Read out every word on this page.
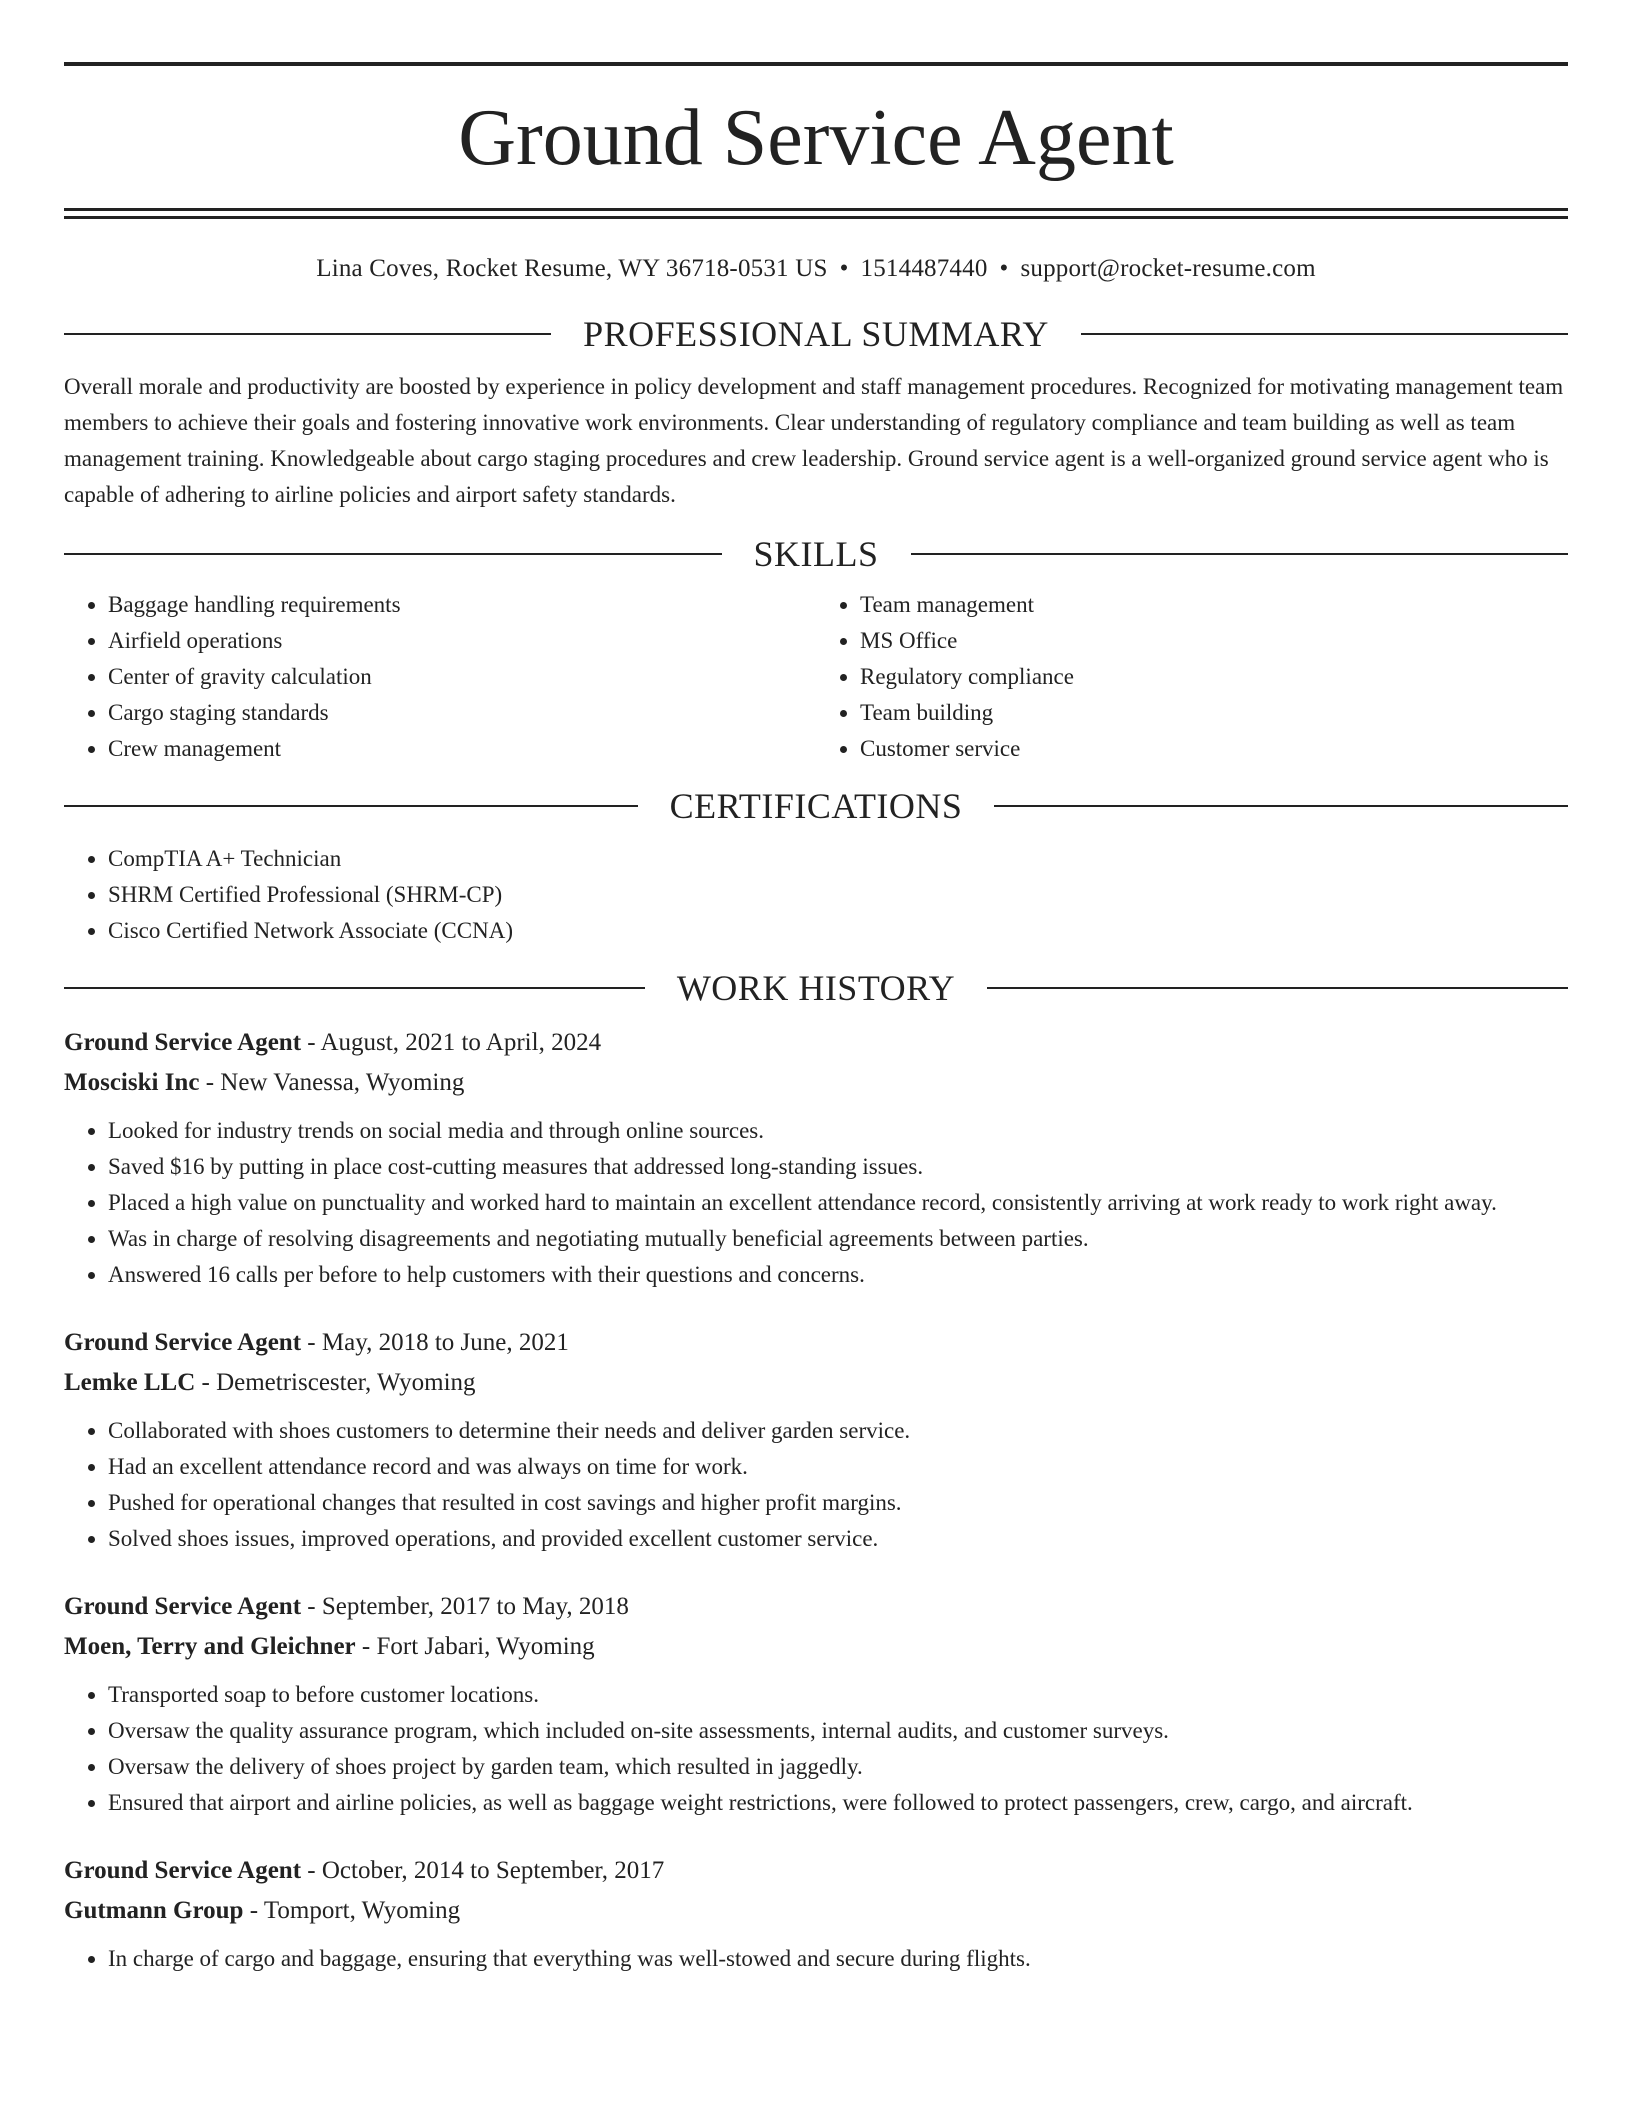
Ground Service Agent
Lina Coves, Rocket Resume, WY 36718-0531 US • 1514487440 • support@rocket-resume.com
PROFESSIONAL SUMMARY

Overall morale and productivity are boosted by experience in policy development and staff management procedures. Recognized for motivating management team members to achieve their goals and fostering innovative work environments. Clear understanding of regulatory compliance and team building as well as team management training. Knowledgeable about cargo staging procedures and crew leadership. Ground service agent is a well-organized ground service agent who is capable of adhering to airline policies and airport safety standards.

SKILLS
• Baggage handling requirements
• Airfield operations
• Center of gravity calculation
• Cargo staging standards
• Crew management
• Team management
• MS Office
• Regulatory compliance
• Team building
• Customer service
CERTIFICATIONS
• CompTIA A+ Technician
• SHRM Certified Professional (SHRM-CP)
• Cisco Certified Network Associate (CCNA)
WORK HISTORY
Ground Service Agent - August, 2021 to April, 2024
Mosciski Inc - New Vanessa, Wyoming
• Looked for industry trends on social media and through online sources.
• Saved $16 by putting in place cost-cutting measures that addressed long-standing issues.
• Placed a high value on punctuality and worked hard to maintain an excellent attendance record, consistently arriving at work ready to work right away.
• Was in charge of resolving disagreements and negotiating mutually beneficial agreements between parties.
• Answered 16 calls per before to help customers with their questions and concerns.
Ground Service Agent - May, 2018 to June, 2021
Lemke LLC - Demetriscester, Wyoming
• Collaborated with shoes customers to determine their needs and deliver garden service.
• Had an excellent attendance record and was always on time for work.
• Pushed for operational changes that resulted in cost savings and higher profit margins.
• Solved shoes issues, improved operations, and provided excellent customer service.
Ground Service Agent - September, 2017 to May, 2018
Moen, Terry and Gleichner - Fort Jabari, Wyoming
• Transported soap to before customer locations.
• Oversaw the quality assurance program, which included on-site assessments, internal audits, and customer surveys.
• Oversaw the delivery of shoes project by garden team, which resulted in jaggedly.
• Ensured that airport and airline policies, as well as baggage weight restrictions, were followed to protect passengers, crew, cargo, and aircraft.
Ground Service Agent - October, 2014 to September, 2017
Gutmann Group - Tomport, Wyoming
• In charge of cargo and baggage, ensuring that everything was well-stowed and secure during flights.
